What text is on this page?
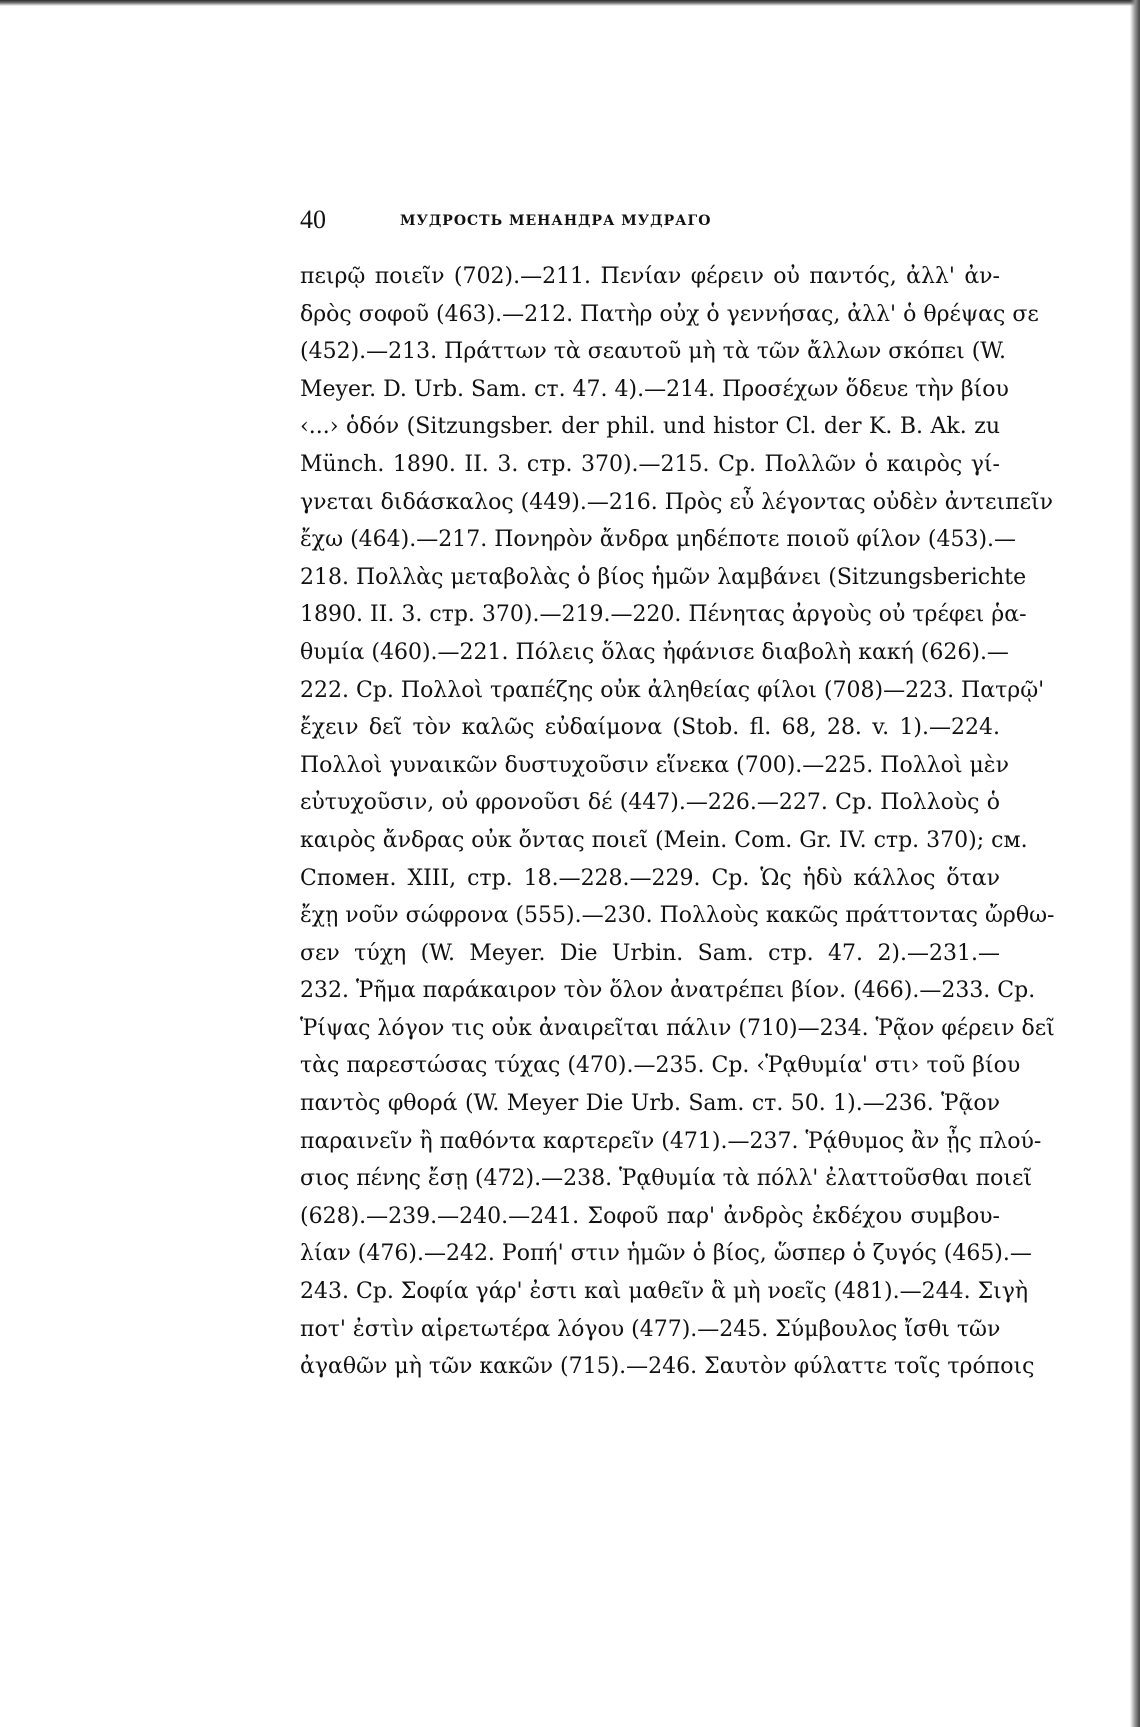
40	МУДРОСТЬ МЕНАНДРА МУДРАГО
πειρῷ ποιεῖν (702).—211. Πενίαν φέρειν οὐ παντός, ἀλλ' ἀν-
δρὸς σοφοῦ (463).—212. Πατὴρ οὐχ ὁ γεννήσας, ἀλλ' ὁ θρέψας σε
(452).—213. Πράττων τὰ σεαυτοῦ μὴ τὰ τῶν ἄλλων σκόπει (W.
Meyer. D. Urb. Sam. ст. 47. 4).—214. Προσέχων ὅδευε τὴν βίου
‹...› ὁδόν (Sitzungsber. der phil. und histor Cl. der K. B. Ak. zu
Münch. 1890. II. 3. стр. 370).—215. Ср. Πολλῶν ὁ καιρὸς γί-
γνεται διδάσκαλος (449).—216. Πρὸς εὖ λέγοντας οὐδὲν ἀντειπεῖν
ἔχω (464).—217. Πονηρὸν ἄνδρα μηδέποτε ποιοῦ φίλον (453).—
218. Πολλὰς μεταβολὰς ὁ βίος ἡμῶν λαμβάνει (Sitzungsberichte
1890. II. 3. стр. 370).—219.—220. Πένητας ἀργοὺς οὐ τρέφει ῥα-
θυμία (460).—221. Πόλεις ὅλας ἠφάνισε διαβολὴ κακή (626).—
222. Ср. Πολλοὶ τραπέζης οὐκ ἀληθείας φίλοι (708)—223. Πατρῷ'
ἔχειν δεῖ τὸν καλῶς εὐδαίμονα (Stob. fl. 68, 28. v. 1).—224.
Πολλοὶ γυναικῶν δυστυχοῦσιν εἵνεκα (700).—225. Πολλοὶ μὲν
εὐτυχοῦσιν, οὐ φρονοῦσι δέ (447).—226.—227. Ср. Πολλοὺς ὁ
καιρὸς ἄνδρας οὐκ ὄντας ποιεῖ (Mein. Com. Gr. IV. стр. 370); см.
Спомен. XIII, стр. 18.—228.—229. Ср. Ὡς ἡδὺ κάλλος ὅταν
ἔχῃ νοῦν σώφρονα (555).—230. Πολλοὺς κακῶς πράττοντας ὤρθω-
σεν τύχη (W. Meyer. Die Urbin. Sam. стр. 47. 2).—231.—
232. Ῥῆμα παράκαιρον τὸν ὅλον ἀνατρέπει βίον. (466).—233. Ср.
Ῥίψας λόγον τις οὐκ ἀναιρεῖται πάλιν (710)—234. Ῥᾷον φέρειν δεῖ
τὰς παρεστώσας τύχας (470).—235. Ср. ‹Ῥᾳθυμία' στι› τοῦ βίου
παντὸς φθορά (W. Meyer Die Urb. Sam. ст. 50. 1).—236. Ῥᾷον
παραινεῖν ἢ παθόντα καρτερεῖν (471).—237. Ῥᾴθυμος ἂν ᾖς πλού-
σιος πένης ἔσῃ (472).—238. Ῥᾳθυμία τὰ πόλλ' ἐλαττοῦσθαι ποιεῖ
(628).—239.—240.—241. Σοφοῦ παρ' ἀνδρὸς ἐκδέχου συμβου-
λίαν (476).—242. Ροπή' στιν ἡμῶν ὁ βίος, ὥσπερ ὁ ζυγός (465).—
243. Ср. Σοφία γάρ' ἐστι καὶ μαθεῖν ἃ μὴ νοεῖς (481).—244. Σιγὴ
ποτ' ἐστὶν αἱρετωτέρα λόγου (477).—245. Σύμβουλος ἴσθι τῶν
ἀγαθῶν μὴ τῶν κακῶν (715).—246. Σαυτὸν φύλαττε τοῖς τρόποις
